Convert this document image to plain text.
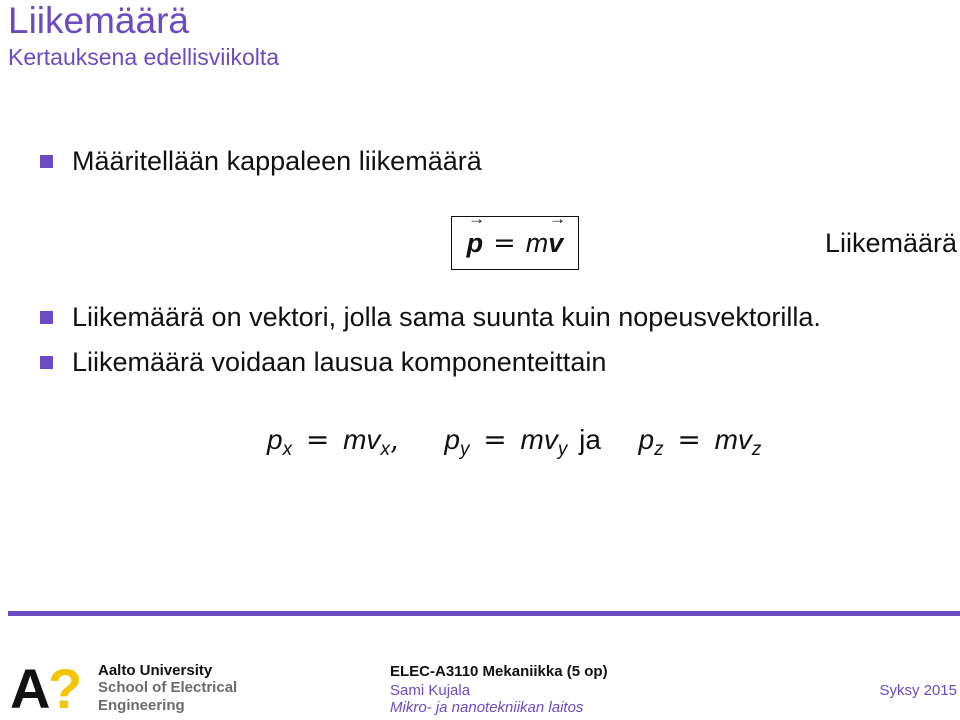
Liikemäärä
Kertauksena edellisviikolta
Määritellään kappaleen liikemäärä
→
p = m
→
v	Liikemäärä
Liikemäärä on vektori, jolla sama suunta kuin nopeusvektorilla.
Liikemäärä voidaan lausua komponenteittain
$p_x = mv_x$, $p_y = mv_y$ ja $p_z = mv_z$
A
? Aalto University
School of Electrical Engineering
ELEC-A3110 Mekaniikka (5 op)
Sami Kujala
Mikro- ja nanotekniikan laitos
Syksy 2015
